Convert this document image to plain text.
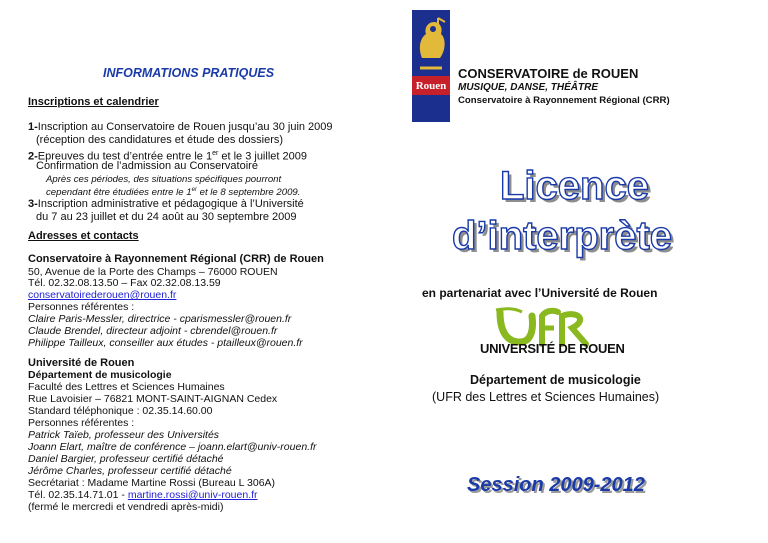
INFORMATIONS PRATIQUES
Inscriptions et calendrier
1-Inscription au Conservatoire de Rouen jusqu’au 30 juin 2009
(réception des candidatures et étude des dossiers)
2-Epreuves du test d’entrée entre le 1er et le 3 juillet 2009
Confirmation de l’admission au Conservatoire
Après ces périodes, des situations spécifiques pourront
cependant être étudiées entre le 1er et le 8 septembre 2009.
3-Inscription administrative et pédagogique à l’Université
du 7 au 23 juillet et du 24 août au 30 septembre 2009
Adresses et contacts
Conservatoire à Rayonnement Régional (CRR) de Rouen
50, Avenue de la Porte des Champs – 76000 ROUEN
Tél. 02.32.08.13.50 – Fax 02.32.08.13.59
conservatoirederouen@rouen.fr
Personnes référentes :
Claire Paris-Messler, directrice - cparismessler@rouen.fr
Claude Brendel, directeur adjoint - cbrendel@rouen.fr
Philippe Tailleux, conseiller aux études - ptailleux@rouen.fr
Université de Rouen
Département de musicologie
Faculté des Lettres et Sciences Humaines
Rue Lavoisier – 76821 MONT-SAINT-AIGNAN Cedex
Standard téléphonique : 02.35.14.60.00
Personnes référentes :
Patrick Taïeb, professeur des Universités
Joann Elart, maître de conférence – joann.elart@univ-rouen.fr
Daniel Bargier, professeur certifié détaché
Jérôme Charles, professeur certifié détaché
Secrétariat : Madame Martine Rossi (Bureau L 306A)
Tél. 02.35.14.71.01 - martine.rossi@univ-rouen.fr
(fermé le mercredi et vendredi après-midi)
Rouen
CONSERVATOIRE de ROUEN
MUSIQUE, DANSE, THÉÂTRE
Conservatoire à Rayonnement Régional (CRR)
Licence
d’interprète
en partenariat avec l’Université de Rouen
UFR
UNIVERSITÉ DE ROUEN
Département de musicologie
(UFR des Lettres et Sciences Humaines)
Session 2009-2012
